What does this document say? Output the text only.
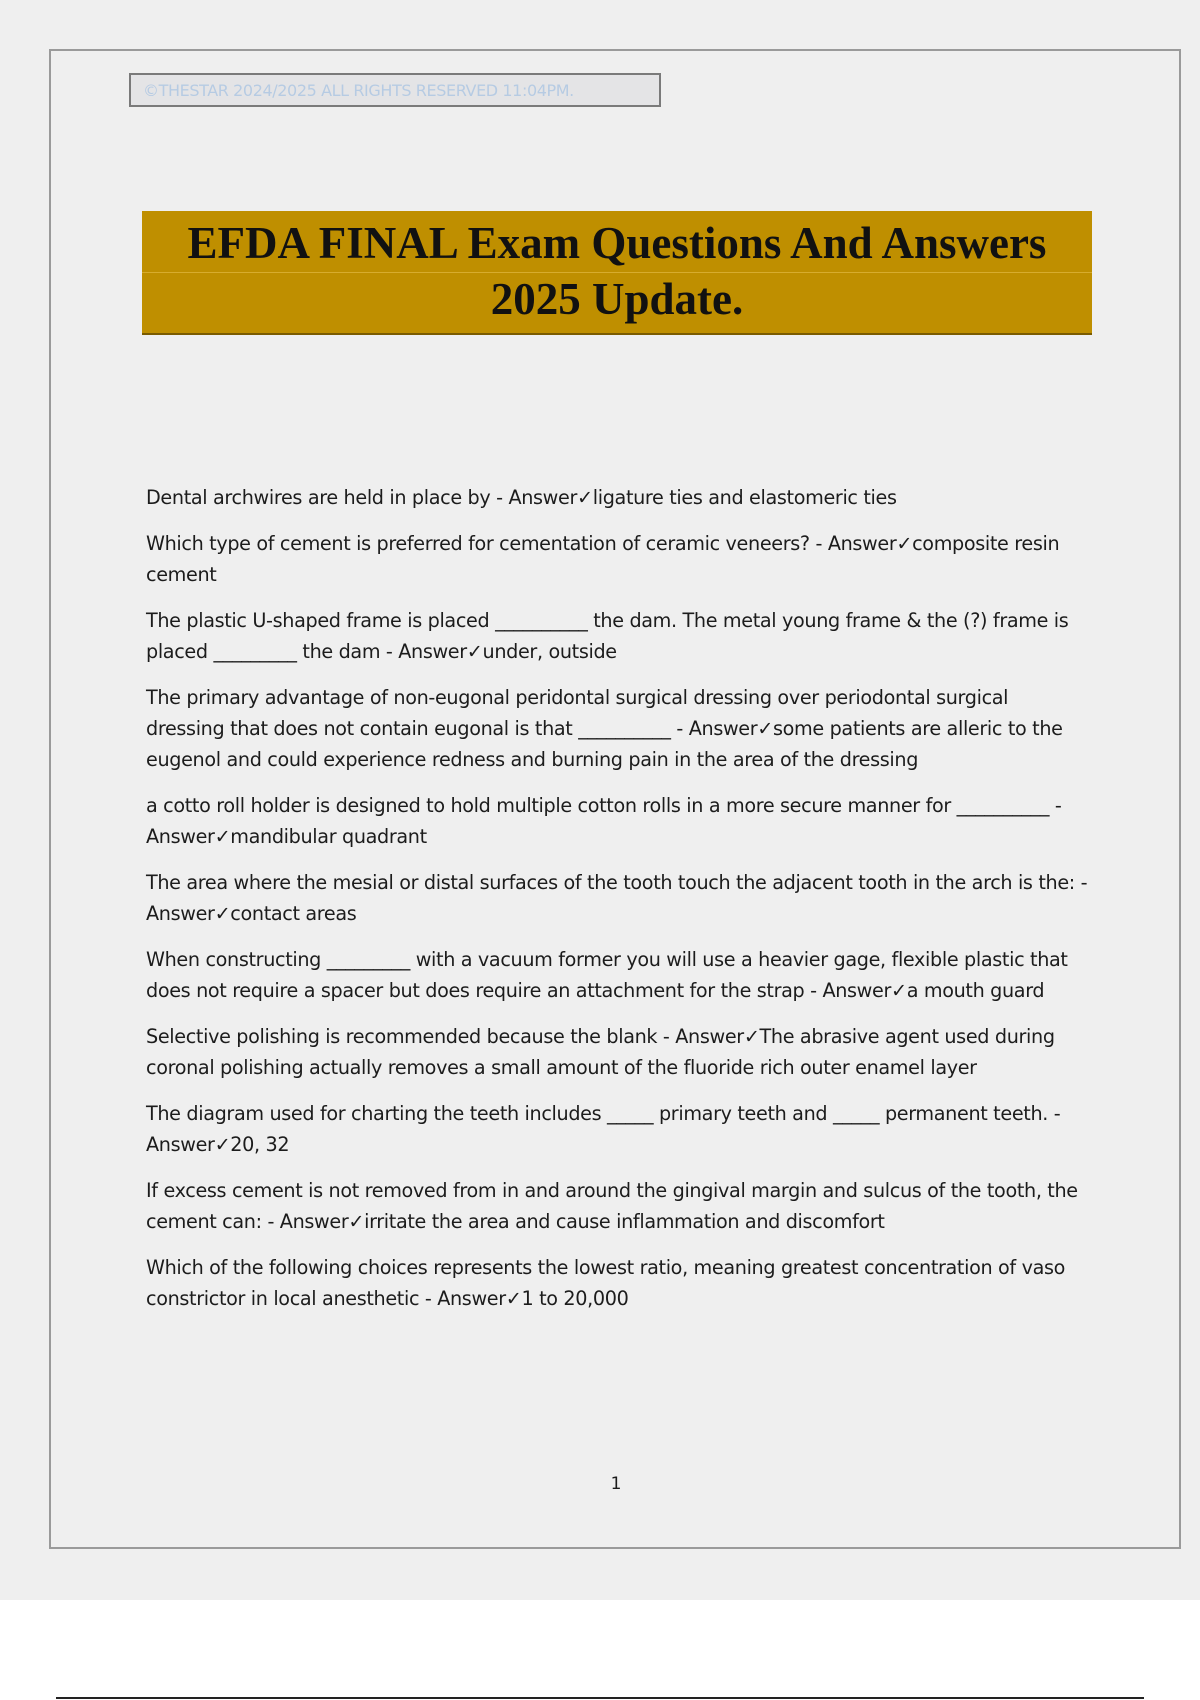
©THESTAR 2024/2025 ALL RIGHTS RESERVED 11:04PM.
EFDA FINAL Exam Questions And Answers
2025 Update.

Dental archwires are held in place by - Answer✓ligature ties and elastomeric ties

Which type of cement is preferred for cementation of ceramic veneers? - Answer✓composite resin cement

The plastic U-shaped frame is placed __________ the dam. The metal young frame & the (?) frame is placed _________ the dam - Answer✓under, outside

The primary advantage of non-eugonal peridontal surgical dressing over periodontal surgical dressing that does not contain eugonal is that __________ - Answer✓some patients are alleric to the eugenol and could experience redness and burning pain in the area of the dressing

a cotto roll holder is designed to hold multiple cotton rolls in a more secure manner for __________ - Answer✓mandibular quadrant

The area where the mesial or distal surfaces of the tooth touch the adjacent tooth in the arch is the: - Answer✓contact areas

When constructing _________ with a vacuum former you will use a heavier gage, flexible plastic that does not require a spacer but does require an attachment for the strap - Answer✓a mouth guard

Selective polishing is recommended because the blank - Answer✓The abrasive agent used during coronal polishing actually removes a small amount of the fluoride rich outer enamel layer

The diagram used for charting the teeth includes _____ primary teeth and _____ permanent teeth. - Answer✓20, 32

If excess cement is not removed from in and around the gingival margin and sulcus of the tooth, the cement can: - Answer✓irritate the area and cause inflammation and discomfort

Which of the following choices represents the lowest ratio, meaning greatest concentration of vaso constrictor in local anesthetic - Answer✓1 to 20,000

1
